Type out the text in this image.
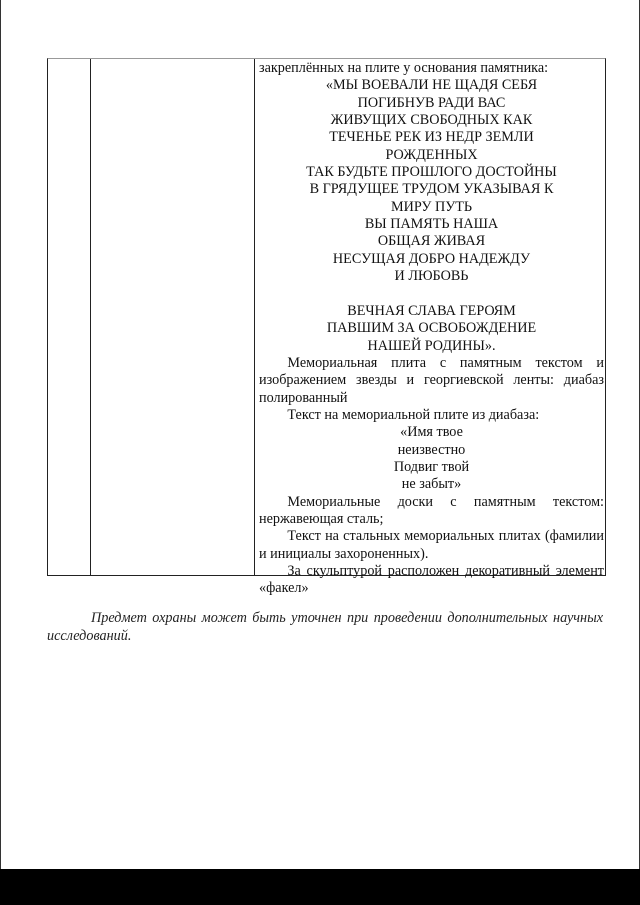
закреплённых на плите у основания памятника:

«МЫ ВОЕВАЛИ НЕ ЩАДЯ СЕБЯ

ПОГИБНУВ РАДИ ВАС

ЖИВУЩИХ СВОБОДНЫХ КАК

ТЕЧЕНЬЕ РЕК ИЗ НЕДР ЗЕМЛИ

РОЖДЕННЫХ

ТАК БУДЬТЕ ПРОШЛОГО ДОСТОЙНЫ

В ГРЯДУЩЕЕ ТРУДОМ УКАЗЫВАЯ К

МИРУ ПУТЬ

ВЫ ПАМЯТЬ НАША

ОБЩАЯ ЖИВАЯ

НЕСУЩАЯ ДОБРО НАДЕЖДУ

И ЛЮБОВЬ

ВЕЧНАЯ СЛАВА ГЕРОЯМ

ПАВШИМ ЗА ОСВОБОЖДЕНИЕ

НАШЕЙ РОДИНЫ».

Мемориальная плита с памятным текстом и изображением звезды и георгиевской ленты: диабаз полированный

Текст на мемориальной плите из диабаза:

«Имя твое

неизвестно

Подвиг твой

не забыт»

Мемориальные доски с памятным текстом: нержавеющая сталь;

Текст на стальных мемориальных плитах (фамилии и инициалы захороненных).

За скульптурой расположен декоративный элемент «факел»

Предмет охраны может быть уточнен при проведении дополнительных научных исследований.
